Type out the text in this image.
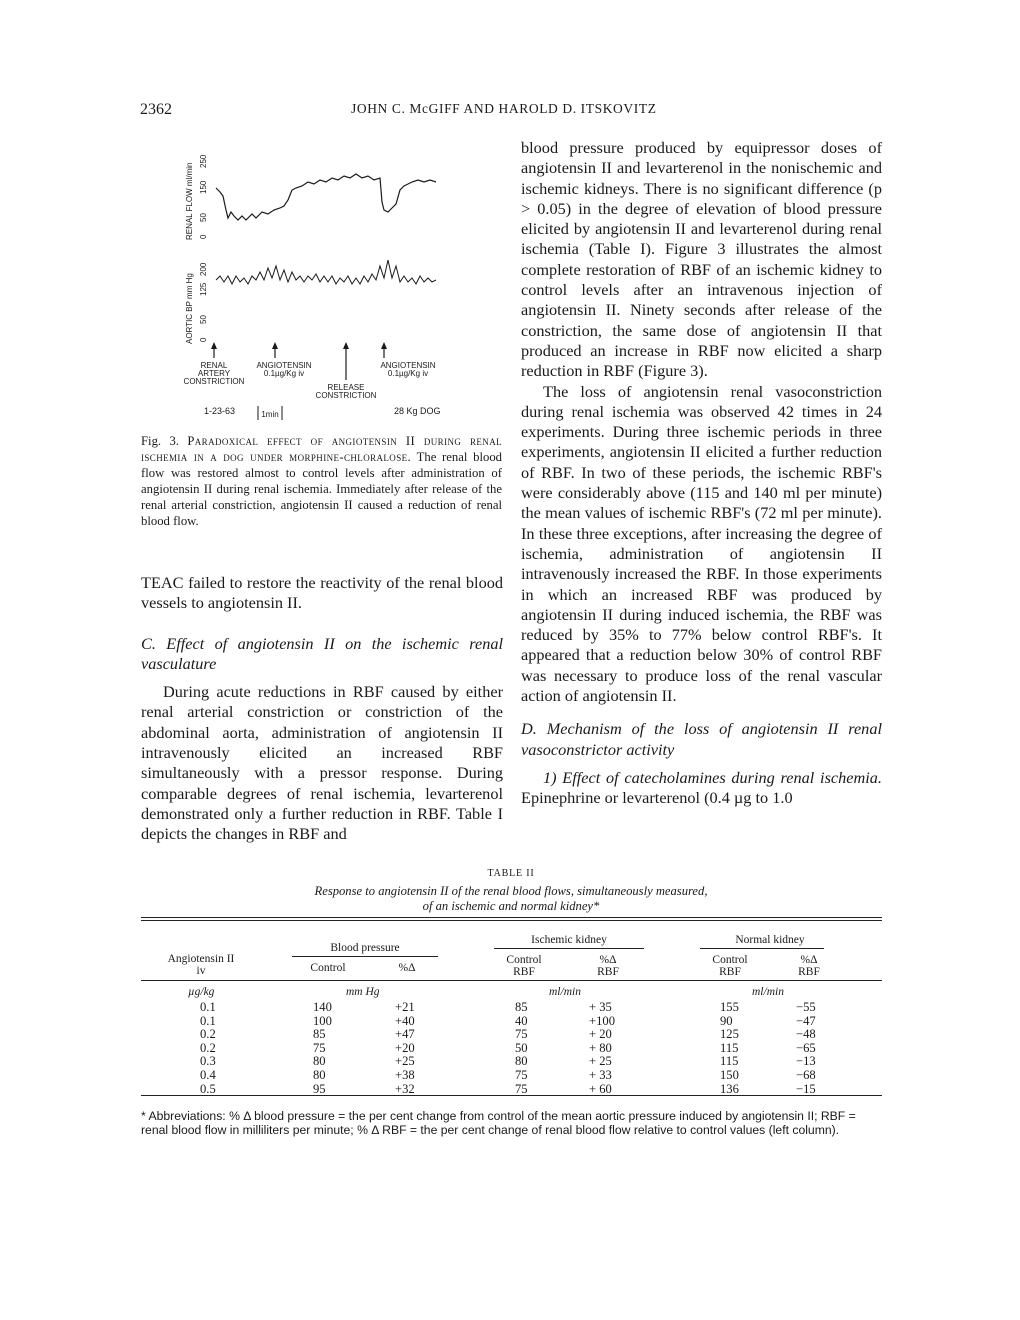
2362	JOHN C. McGIFF AND HAROLD D. ITSKOVITZ
RENAL FLOW ml/min
AORTIC BP mm Hg
250
150
50
0
200
125
50
0
RENAL
ARTERY
CONSTRICTION
ANGIOTENSIN
0.1µg/Kg iv
RELEASE
CONSTRICTION
ANGIOTENSIN
0.1µg/Kg iv
1-23-63	1min	28 Kg DOG
Fig. 3. Paradoxical effect of angiotensin II during renal ischemia in a dog under morphine-chloralose. The renal blood flow was restored almost to control levels after administration of angiotensin II during renal ischemia. Immediately after release of the renal arterial constriction, angiotensin II caused a reduction of renal blood flow.

TEAC failed to restore the reactivity of the renal blood vessels to angiotensin II.

C. Effect of angiotensin II on the ischemic renal vasculature

During acute reductions in RBF caused by either renal arterial constriction or constriction of the abdominal aorta, administration of angiotensin II intravenously elicited an increased RBF simultaneously with a pressor response. During comparable degrees of renal ischemia, levarterenol demonstrated only a further reduction in RBF. Table I depicts the changes in RBF and

blood pressure produced by equipressor doses of angiotensin II and levarterenol in the nonischemic and ischemic kidneys. There is no significant difference (p > 0.05) in the degree of elevation of blood pressure elicited by angiotensin II and levarterenol during renal ischemia (Table I). Figure 3 illustrates the almost complete restoration of RBF of an ischemic kidney to control levels after an intravenous injection of angiotensin II. Ninety seconds after release of the constriction, the same dose of angiotensin II that produced an increase in RBF now elicited a sharp reduction in RBF (Figure 3).

The loss of angiotensin renal vasoconstriction during renal ischemia was observed 42 times in 24 experiments. During three ischemic periods in three experiments, angiotensin II elicited a further reduction of RBF. In two of these periods, the ischemic RBF's were considerably above (115 and 140 ml per minute) the mean values of ischemic RBF's (72 ml per minute). In these three exceptions, after increasing the degree of ischemia, administration of angiotensin II intravenously increased the RBF. In those experiments in which an increased RBF was produced by angiotensin II during induced ischemia, the RBF was reduced by 35% to 77% below control RBF's. It appeared that a reduction below 30% of control RBF was necessary to produce loss of the renal vascular action of angiotensin II.

D. Mechanism of the loss of angiotensin II renal vasoconstrictor activity

1) Effect of catecholamines during renal ischemia. Epinephrine or levarterenol (0.4 µg to 1.0

TABLE II
Response to angiotensin II of the renal blood flows, simultaneously measured,
of an ischemic and normal kidney*
Angiotensin II
iv
Blood pressure
Control	%Δ
Ischemic kidney
Control
RBF
%Δ
RBF
Normal kidney
Control
RBF
%Δ
RBF
µg/kg	mm Hg	ml/min	ml/min
0.1	140	+21	85	+ 35	155	−55
0.1	100	+40	40	+100	90	−47
0.2	85	+47	75	+ 20	125	−48
0.2	75	+20	50	+ 80	115	−65
0.3	80	+25	80	+ 25	115	−13
0.4	80	+38	75	+ 33	150	−68
0.5	95	+32	75	+ 60	136	−15
* Abbreviations: % Δ blood pressure = the per cent change from control of the mean aortic pressure induced by angiotensin II; RBF = renal blood flow in milliliters per minute; % Δ RBF = the per cent change of renal blood flow relative to control values (left column).
